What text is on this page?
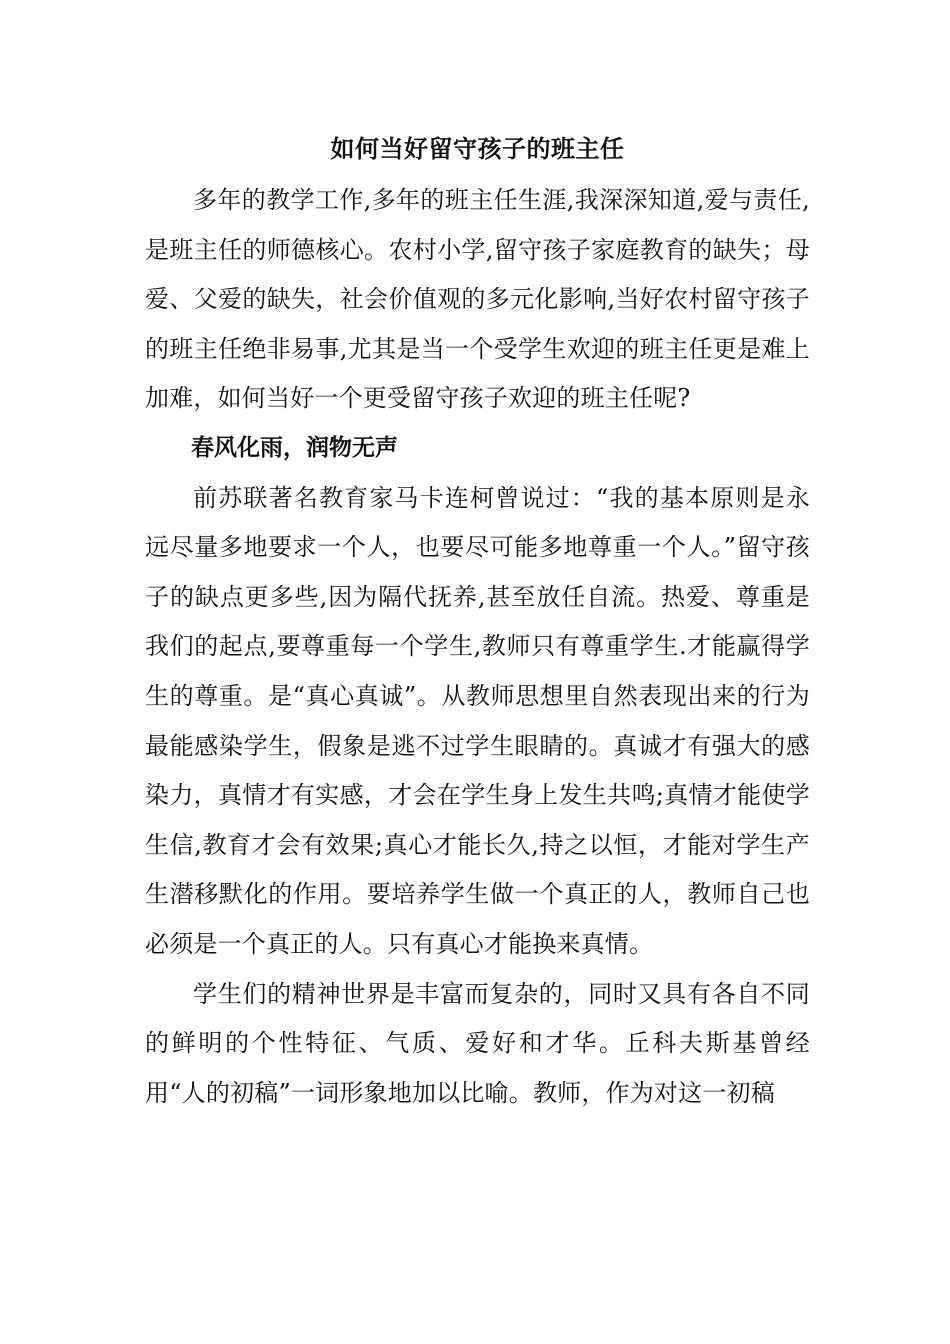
如何当好留守孩子的班主任

多年的教学工作,多年的班主任生涯,我深深知道,爱与责任,是班主任的师德核心。农村小学,留守孩子家庭教育的缺失；母爱、父爱的缺失，社会价值观的多元化影响,当好农村留守孩子的班主任绝非易事,尤其是当一个受学生欢迎的班主任更是难上加难，如何当好一个更受留守孩子欢迎的班主任呢?

春风化雨，润物无声

前苏联著名教育家马卡连柯曾说过：“我的基本原则是永远尽量多地要求一个人，也要尽可能多地尊重一个人。”留守孩子的缺点更多些,因为隔代抚养,甚至放任自流。热爱、尊重是我们的起点,要尊重每一个学生,教师只有尊重学生.才能赢得学生的尊重。是“真心真诚”。从教师思想里自然表现出来的行为最能感染学生，假象是逃不过学生眼睛的。真诚才有强大的感染力，真情才有实感，才会在学生身上发生共鸣;真情才能使学生信,教育才会有效果;真心才能长久,持之以恒，才能对学生产生潜移默化的作用。要培养学生做一个真正的人，教师自己也必须是一个真正的人。只有真心才能换来真情。

学生们的精神世界是丰富而复杂的，同时又具有各自不同的鲜明的个性特征、气质、爱好和才华。丘科夫斯基曾经用“人的初稿”一词形象地加以比喻。教师，作为对这一初稿
